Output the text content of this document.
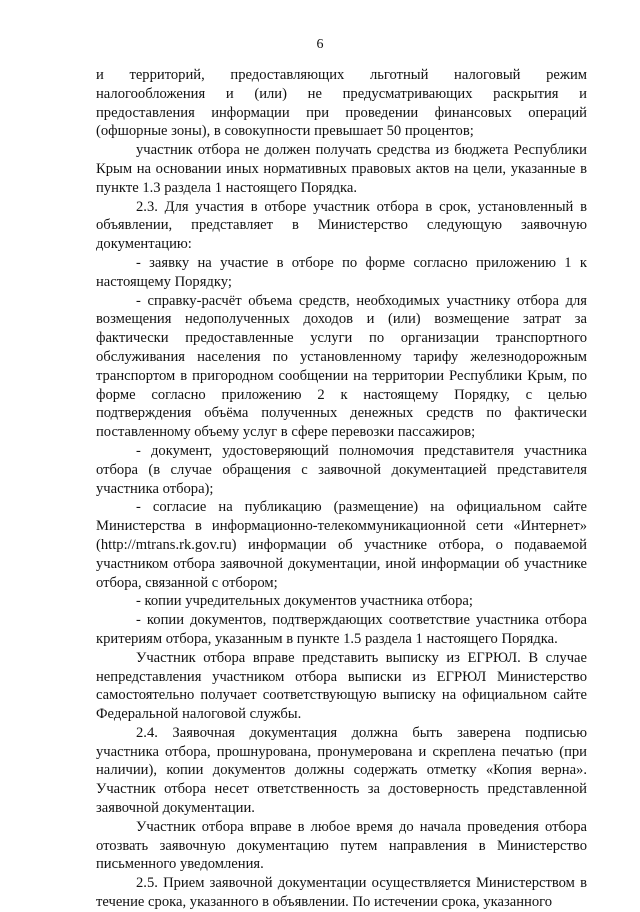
6

и территорий, предоставляющих льготный налоговый режим налогообложения и (или) не предусматривающих раскрытия и предоставления информации при проведении финансовых операций (офшорные зоны), в совокупности превышает 50 процентов;

участник отбора не должен получать средства из бюджета Республики Крым на основании иных нормативных правовых актов на цели, указанные в пункте 1.3 раздела 1 настоящего Порядка.

2.3. Для участия в отборе участник отбора в срок, установленный в объявлении, представляет в Министерство следующую заявочную документацию:

- заявку на участие в отборе по форме согласно приложению 1 к настоящему Порядку;

- справку-расчёт объема средств, необходимых участнику отбора для возмещения недополученных доходов и (или) возмещение затрат за фактически предоставленные услуги по организации транспортного обслуживания населения по установленному тарифу железнодорожным транспортом в пригородном сообщении на территории Республики Крым, по форме согласно приложению 2 к настоящему Порядку, с целью подтверждения объёма полученных денежных средств по фактически поставленному объему услуг в сфере перевозки пассажиров;

- документ, удостоверяющий полномочия представителя участника отбора (в случае обращения с заявочной документацией представителя участника отбора);

- согласие на публикацию (размещение) на официальном сайте Министерства в информационно-телекоммуникационной сети «Интернет» (http://mtrans.rk.gov.ru) информации об участнике отбора, о подаваемой участником отбора заявочной документации, иной информации об участнике отбора, связанной с отбором;

- копии учредительных документов участника отбора;

- копии документов, подтверждающих соответствие участника отбора критериям отбора, указанным в пункте 1.5 раздела 1 настоящего Порядка.

Участник отбора вправе представить выписку из ЕГРЮЛ. В случае непредставления участником отбора выписки из ЕГРЮЛ Министерство самостоятельно получает соответствующую выписку на официальном сайте Федеральной налоговой службы.

2.4. Заявочная документация должна быть заверена подписью участника отбора, прошнурована, пронумерована и скреплена печатью (при наличии), копии документов должны содержать отметку «Копия верна». Участник отбора несет ответственность за достоверность представленной заявочной документации.

Участник отбора вправе в любое время до начала проведения отбора отозвать заявочную документацию путем направления в Министерство письменного уведомления.

2.5. Прием заявочной документации осуществляется Министерством в течение срока, указанного в объявлении. По истечении срока, указанного
